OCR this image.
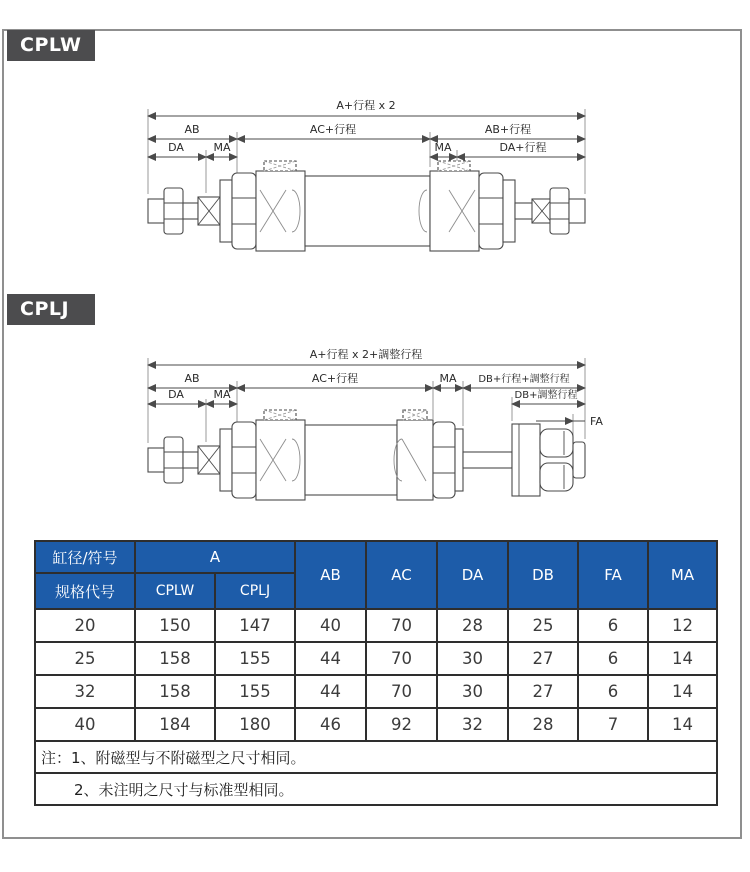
CPLW
CPLJ
A+行程 x 2
AB	AC+行程	AB+行程
DA	MA	MA	DA+行程
A+行程 x 2+調整行程
AB	AC+行程	MA DB+行程+調整行程
DA	MA	DB+調整行程
FA
缸径/符号	A		AB	AC	DA	DB	FA	MA
规格代号	CPLW	CPLJ						
20	150	147	40	70	28	25	6	12
25	158	155	44	70	30	27	6	14
32	158	155	44	70	30	27	6	14
40	184	180	46	92	32	28	7	14
注：1、附磁型与不附磁型之尺寸相同。								
2、未注明之尺寸与标准型相同。								
